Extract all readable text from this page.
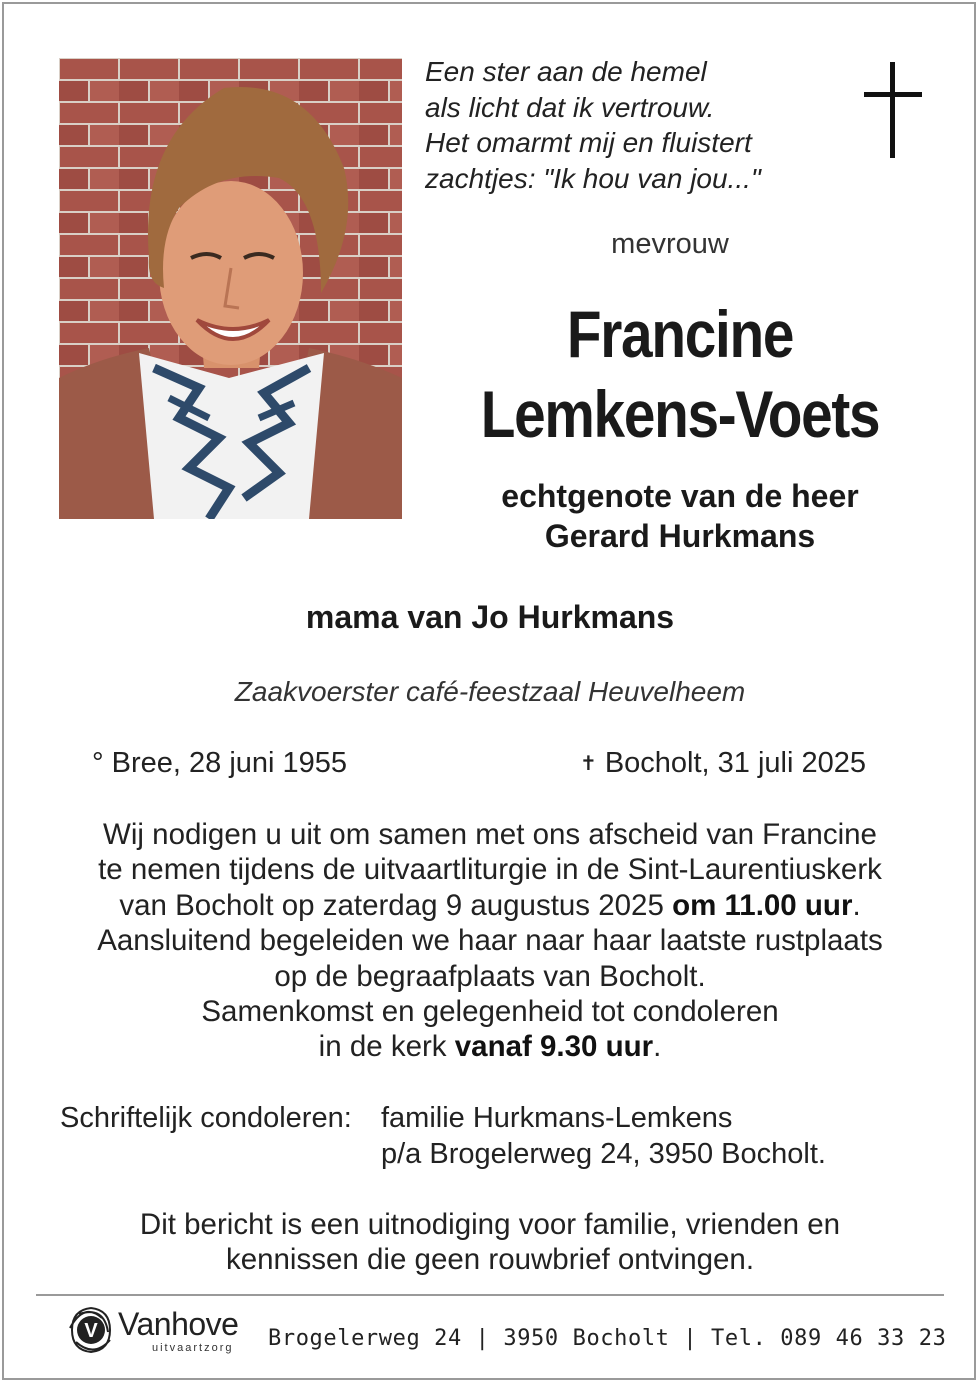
Een ster aan de hemel
als licht dat ik vertrouw.
Het omarmt mij en fluistert
zachtjes: "Ik hou van jou..."
mevrouw
Francine
Lemkens-Voets
echtgenote van de heer
Gerard Hurkmans
mama van Jo Hurkmans
Zaakvoerster café-feestzaal Heuvelheem
° Bree, 28 juni 1955	✝ Bocholt, 31 juli 2025
Wij nodigen u uit om samen met ons afscheid van Francine
te nemen tijdens de uitvaartliturgie in de Sint-Laurentiuskerk
van Bocholt op zaterdag 9 augustus 2025 om 11.00 uur.
Aansluitend begeleiden we haar naar haar laatste rustplaats
op de begraafplaats van Bocholt.
Samenkomst en gelegenheid tot condoleren
in de kerk vanaf 9.30 uur.
Schriftelijk condoleren: familie Hurkmans-Lemkens
p/a Brogelerweg 24, 3950 Bocholt.
Dit bericht is een uitnodiging voor familie, vrienden en
kennissen die geen rouwbrief ontvingen.
V Vanhove
uitvaartzorg Brogelerweg 24 | 3950 Bocholt | Tel. 089 46 33 23
